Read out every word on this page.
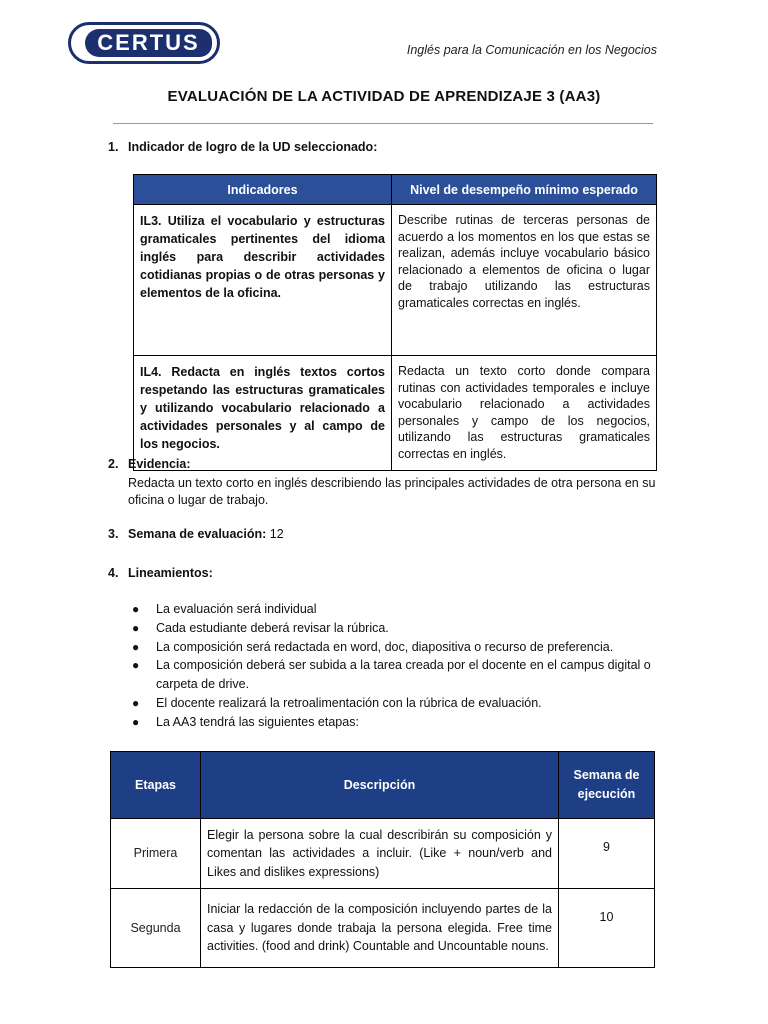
CERTUS	Inglés para la Comunicación en los Negocios
EVALUACIÓN DE LA ACTIVIDAD DE APRENDIZAJE 3 (AA3)
1. Indicador de logro de la UD seleccionado:
Indicadores	Nivel de desempeño mínimo esperado
IL3. Utiliza el vocabulario y estructuras gramaticales pertinentes del idioma inglés para describir actividades cotidianas propias o de otras personas y elementos de la oficina.	Describe rutinas de terceras personas de acuerdo a los momentos en los que estas se realizan, además incluye vocabulario básico relacionado a elementos de oficina o lugar de trabajo utilizando las estructuras gramaticales correctas en inglés.
IL4. Redacta en inglés textos cortos respetando las estructuras gramaticales y utilizando vocabulario relacionado a actividades personales y al campo de los negocios.	Redacta un texto corto donde compara rutinas con actividades temporales e incluye vocabulario relacionado a actividades personales y campo de los negocios, utilizando las estructuras gramaticales correctas en inglés.
2. Evidencia:
Redacta un texto corto en inglés describiendo las principales actividades de otra persona en su oficina o lugar de trabajo.
3. Semana de evaluación: 12
4. Lineamientos:
● La evaluación será individual
● Cada estudiante deberá revisar la rúbrica.
● La composición será redactada en word, doc, diapositiva o recurso de preferencia.
● La composición deberá ser subida a la tarea creada por el docente en el campus digital o carpeta de drive.
● El docente realizará la retroalimentación con la rúbrica de evaluación.
● La AA3 tendrá las siguientes etapas:
Etapas	Descripción	Semana de ejecución
Primera	Elegir la persona sobre la cual describirán su composición y comentan las actividades a incluir. (Like + noun/verb and Likes and dislikes expressions)	9
Segunda	Iniciar la redacción de la composición incluyendo partes de la casa y lugares donde trabaja la persona elegida. Free time activities. (food and drink) Countable and Uncountable nouns.	10
